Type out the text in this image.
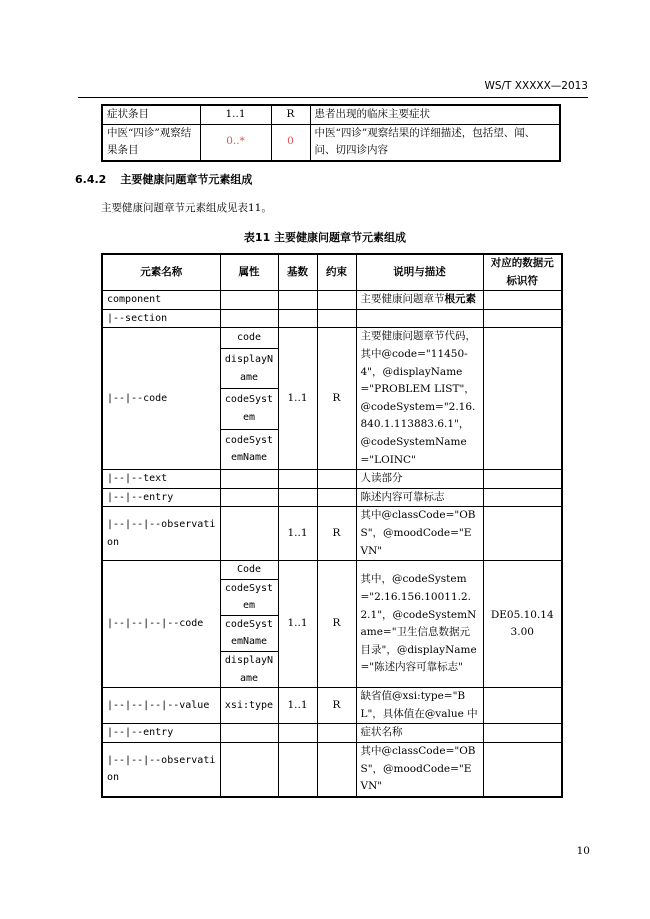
WS/T XXXXX—2013
症状条目	1..1	R	患者出现的临床主要症状
中医“四诊”观察结果条目	0..*	0	中医“四诊”观察结果的详细描述，包括望、闻、问、切四诊内容
6.4.2 主要健康问题章节元素组成
主要健康问题章节元素组成见表11。
表11 主要健康问题章节元素组成
元素名称	属性	基数	约束	说明与描述	对应的数据元标识符
component				主要健康问题章节根元素	
|--section					
|--|--code	code	1..1	R	主要健康问题章节代码，其中@code="11450-4"，@displayName="PROBLEM LIST"，@codeSystem="2.16.840.1.113883.6.1"，@codeSystemName="LOINC"	
	displayName				
	codeSystem				
	codeSystemName				
|--|--text				人读部分	
|--|--entry				陈述内容可靠标志	
|--|--|--observation		1..1	R	其中@classCode="OBS"，@moodCode="EVN"	
|--|--|--|--code	Code	1..1	R	其中，@codeSystem="2.16.156.10011.2.2.1"，@codeSystemName="卫生信息数据元目录"，@displayName="陈述内容可靠标志"	DE05.10.143.00
	codeSystem				
	codeSystemName				
	displayName				
|--|--|--|--value	xsi:type	1..1	R	缺省值@xsi:type="BL"，具体值在@value 中	
|--|--entry				症状名称	
|--|--|--observation				其中@classCode="OBS"，@moodCode="EVN"	
10
